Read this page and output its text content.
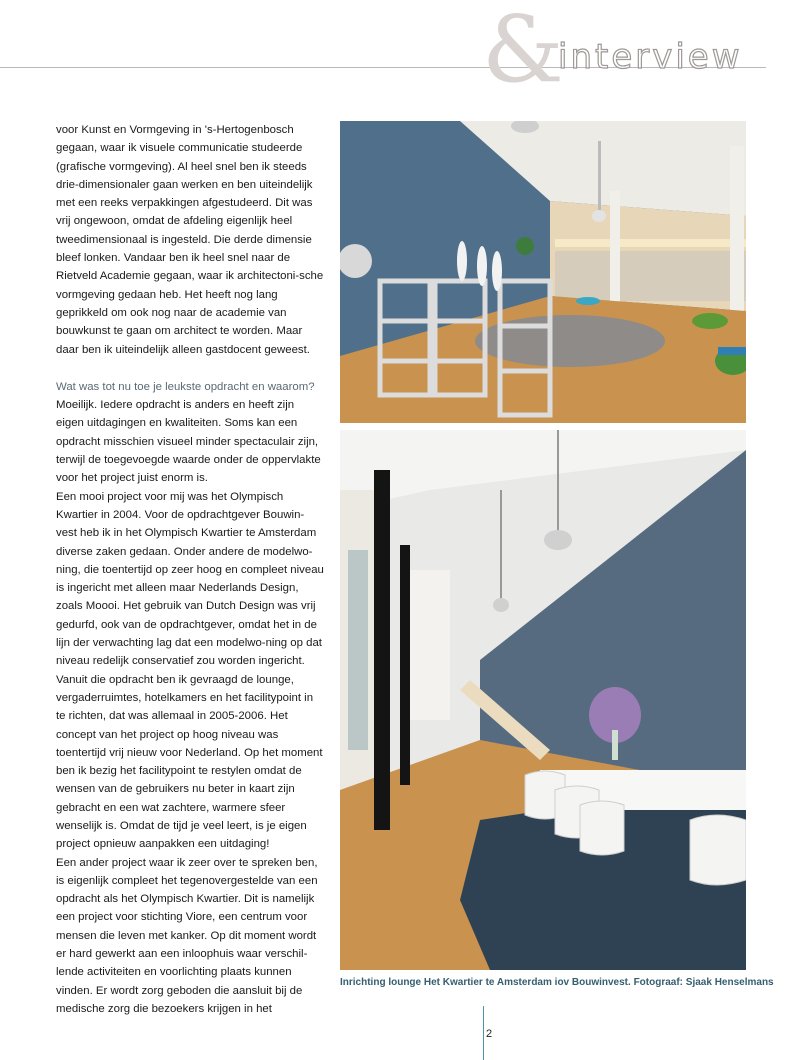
&
interview

voor Kunst en Vormgeving in 's-Hertogenbosch gegaan, waar ik visuele communicatie studeerde (grafische vormgeving). Al heel snel ben ik steeds drie-dimensionaler gaan werken en ben uiteindelijk met een reeks verpakkingen afgestudeerd. Dit was vrij ongewoon, omdat de afdeling eigenlijk heel tweedimensionaal is ingesteld. Die derde dimensie bleef lonken. Vandaar ben ik heel snel naar de Rietveld Academie gegaan, waar ik architectoni-sche vormgeving gedaan heb. Het heeft nog lang geprikkeld om ook nog naar de academie van bouwkunst te gaan om architect te worden. Maar daar ben ik uiteindelijk alleen gastdocent geweest.

Wat was tot nu toe je leukste opdracht en waarom?

Moeilijk. Iedere opdracht is anders en heeft zijn eigen uitdagingen en kwaliteiten. Soms kan een opdracht misschien visueel minder spectaculair zijn, terwijl de toegevoegde waarde onder de oppervlakte voor het project juist enorm is.

Een mooi project voor mij was het Olympisch Kwartier in 2004. Voor de opdrachtgever Bouwin-vest heb ik in het Olympisch Kwartier te Amsterdam diverse zaken gedaan. Onder andere de modelwo-ning, die toentertijd op zeer hoog en compleet niveau is ingericht met alleen maar Nederlands Design, zoals Moooi. Het gebruik van Dutch Design was vrij gedurfd, ook van de opdrachtgever, omdat het in de lijn der verwachting lag dat een modelwo-ning op dat niveau redelijk conservatief zou worden ingericht. Vanuit die opdracht ben ik gevraagd de lounge, vergaderruimtes, hotelkamers en het facilitypoint in te richten, dat was allemaal in 2005-2006. Het concept van het project op hoog niveau was toentertijd vrij nieuw voor Nederland. Op het moment ben ik bezig het facilitypoint te restylen omdat de wensen van de gebruikers nu beter in kaart zijn gebracht en een wat zachtere, warmere sfeer wenselijk is. Omdat de tijd je veel leert, is je eigen project opnieuw aanpakken een uitdaging!

Een ander project waar ik zeer over te spreken ben, is eigenlijk compleet het tegenovergestelde van een opdracht als het Olympisch Kwartier. Dit is namelijk een project voor stichting Viore, een centrum voor mensen die leven met kanker. Op dit moment wordt er hard gewerkt aan een inloophuis waar verschil-lende activiteiten en voorlichting plaats kunnen vinden. Er wordt zorg geboden die aansluit bij de medische zorg die bezoekers krijgen in het

Inrichting lounge Het Kwartier te Amsterdam iov Bouwinvest. Fotograaf: Sjaak Henselmans
2
